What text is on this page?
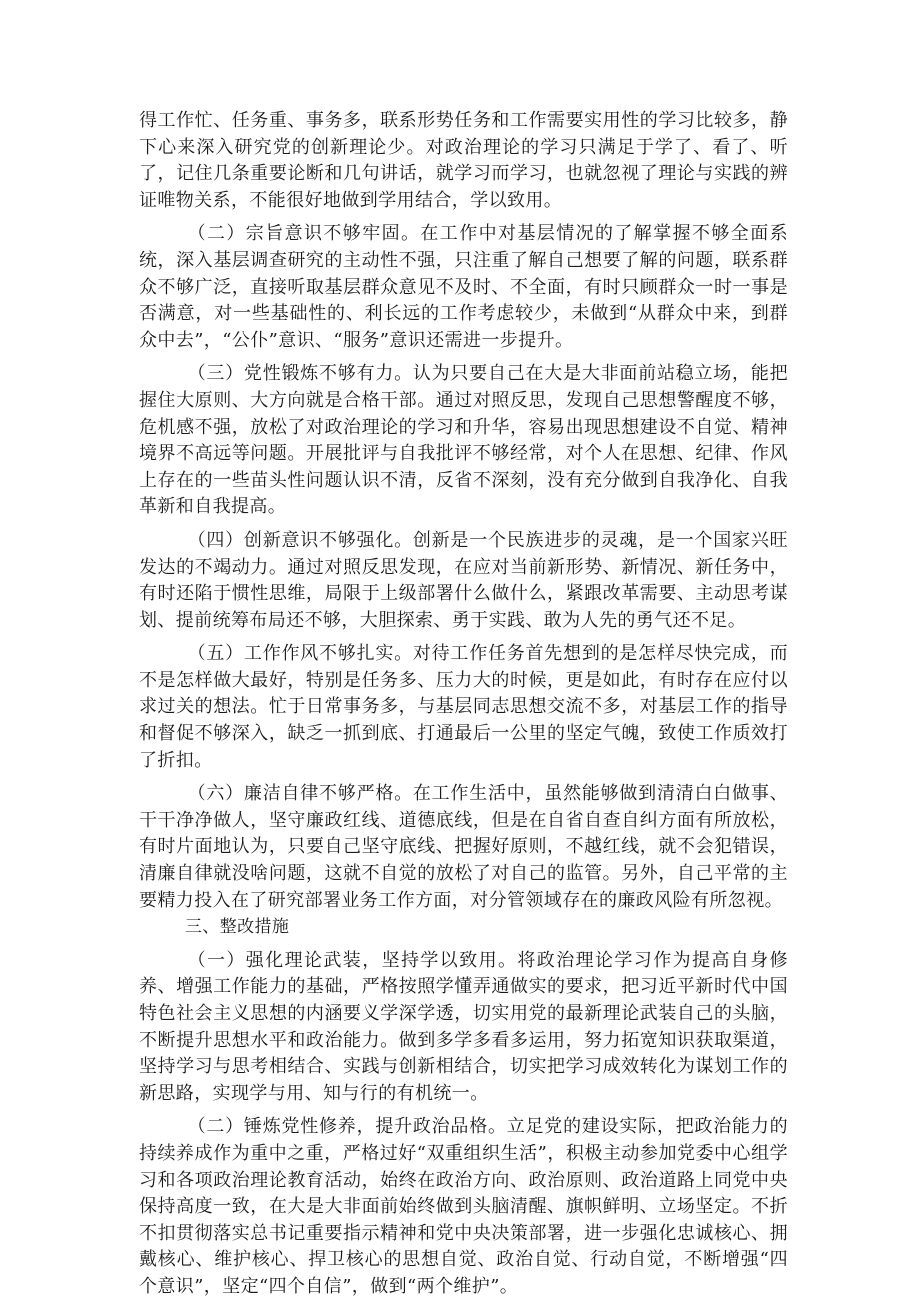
得工作忙、任务重、事务多，联系形势任务和工作需要实用性的学习比较多，静下心来深入研究党的创新理论少。对政治理论的学习只满足于学了、看了、听了，记住几条重要论断和几句讲话，就学习而学习，也就忽视了理论与实践的辨证唯物关系，不能很好地做到学用结合，学以致用。

（二）宗旨意识不够牢固。在工作中对基层情况的了解掌握不够全面系统，深入基层调查研究的主动性不强，只注重了解自己想要了解的问题，联系群众不够广泛，直接听取基层群众意见不及时、不全面，有时只顾群众一时一事是否满意，对一些基础性的、利长远的工作考虑较少，未做到“从群众中来，到群众中去”，“公仆”意识、“服务”意识还需进一步提升。

（三）党性锻炼不够有力。认为只要自己在大是大非面前站稳立场，能把握住大原则、大方向就是合格干部。通过对照反思，发现自己思想警醒度不够，危机感不强，放松了对政治理论的学习和升华，容易出现思想建设不自觉、精神境界不高远等问题。开展批评与自我批评不够经常，对个人在思想、纪律、作风上存在的一些苗头性问题认识不清，反省不深刻，没有充分做到自我净化、自我革新和自我提高。

（四）创新意识不够强化。创新是一个民族进步的灵魂，是一个国家兴旺发达的不竭动力。通过对照反思发现，在应对当前新形势、新情况、新任务中，有时还陷于惯性思维，局限于上级部署什么做什么，紧跟改革需要、主动思考谋划、提前统筹布局还不够，大胆探索、勇于实践、敢为人先的勇气还不足。

（五）工作作风不够扎实。对待工作任务首先想到的是怎样尽快完成，而不是怎样做大最好，特别是任务多、压力大的时候，更是如此，有时存在应付以求过关的想法。忙于日常事务多，与基层同志思想交流不多，对基层工作的指导和督促不够深入，缺乏一抓到底、打通最后一公里的坚定气魄，致使工作质效打了折扣。

（六）廉洁自律不够严格。在工作生活中，虽然能够做到清清白白做事、干干净净做人，坚守廉政红线、道德底线，但是在自省自查自纠方面有所放松，有时片面地认为，只要自己坚守底线、把握好原则，不越红线，就不会犯错误，清廉自律就没啥问题，这就不自觉的放松了对自己的监管。另外，自己平常的主要精力投入在了研究部署业务工作方面，对分管领域存在的廉政风险有所忽视。

三、整改措施

（一）强化理论武装，坚持学以致用。将政治理论学习作为提高自身修养、增强工作能力的基础，严格按照学懂弄通做实的要求，把习近平新时代中国特色社会主义思想的内涵要义学深学透，切实用党的最新理论武装自己的头脑，不断提升思想水平和政治能力。做到多学多看多运用，努力拓宽知识获取渠道，坚持学习与思考相结合、实践与创新相结合，切实把学习成效转化为谋划工作的新思路，实现学与用、知与行的有机统一。

（二）锤炼党性修养，提升政治品格。立足党的建设实际，把政治能力的持续养成作为重中之重，严格过好“双重组织生活”，积极主动参加党委中心组学习和各项政治理论教育活动，始终在政治方向、政治原则、政治道路上同党中央保持高度一致，在大是大非面前始终做到头脑清醒、旗帜鲜明、立场坚定。不折不扣贯彻落实总书记重要指示精神和党中央决策部署，进一步强化忠诚核心、拥戴核心、维护核心、捍卫核心的思想自觉、政治自觉、行动自觉，不断增强“四个意识”，坚定“四个自信”，做到“两个维护”。
